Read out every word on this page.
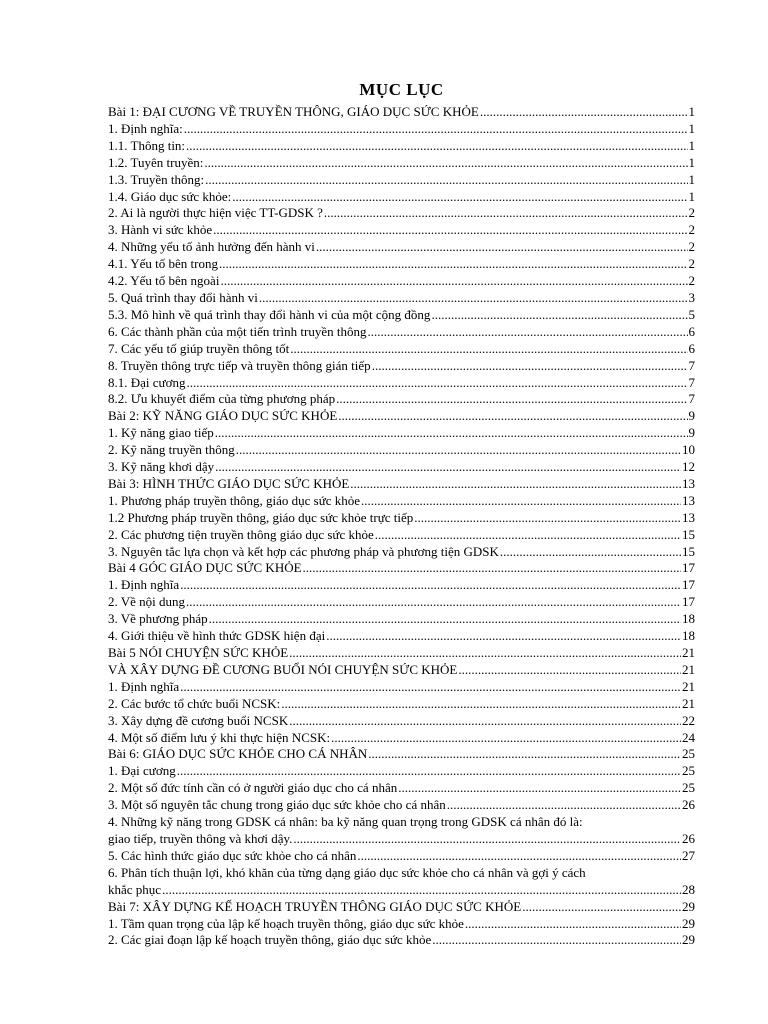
MỤC LỤC
Bài 1: ĐẠI CƯƠNG VỀ TRUYỀN THÔNG, GIÁO DỤC SỨC KHỎE .....	1
1. Định nghĩa: .....	1
1.1. Thông tin: .....	1
1.2. Tuyên truyền: .....	1
1.3. Truyền thông: .....	1
1.4. Giáo dục sức khỏe: .....	1
2. Ai là người thực hiện việc TT-GDSK ? .....	2
3. Hành vi sức khỏe .....	2
4. Những yếu tố ảnh hưởng đến hành vi .....	2
4.1. Yếu tố bên trong .....	2
4.2. Yếu tố bên ngoài .....	2
5. Quá trình thay đổi hành vi .....	3
5.3. Mô hình về quá trình thay đổi hành vi của một cộng đồng .....	5
6. Các thành phần của một tiến trình truyền thông .....	6
7. Các yếu tố giúp truyền thông tốt .....	6
8. Truyền thông trực tiếp và truyền thông gián tiếp .....	7
8.1. Đại cương .....	7
8.2. Ưu khuyết điểm của từng phương pháp .....	7
Bài 2: KỸ NĂNG GIÁO DỤC SỨC KHỎE .....	9
1. Kỹ năng giao tiếp .....	9
2. Kỹ năng truyền thông .....	10
3. Kỹ năng khơi dậy .....	12
Bài 3: HÌNH THỨC GIÁO DỤC SỨC KHỎE .....	13
1. Phương pháp truyền thông, giáo dục sức khỏe .....	13
1.2 Phương pháp truyền thông, giáo dục sức khỏe trực tiếp .....	13
2. Các phương tiện truyền thông giáo dục sức khỏe .....	15
3. Nguyên tắc lựa chọn và kết hợp các phương pháp và phương tiện GDSK .....	15
Bài 4 GÓC GIÁO DỤC SỨC KHỎE .....	17
1. Định nghĩa .....	17
2. Về nội dung .....	17
3. Về phương pháp .....	18
4. Giới thiệu về hình thức GDSK hiện đại .....	18
Bài 5 NÓI CHUYỆN SỨC KHỎE .....	21
VÀ XÂY DỰNG ĐỀ CƯƠNG BUỔI NÓI CHUYỆN SỨC KHỎE .....	21
1. Định nghĩa .....	21
2. Các bước tổ chức buổi NCSK: .....	21
3. Xây dựng đề cương buổi NCSK .....	22
4. Một số điểm lưu ý khi thực hiện NCSK: .....	24
Bài 6: GIÁO DỤC SỨC KHỎE CHO CÁ NHÂN .....	25
1. Đại cương .....	25
2. Một số đức tính cần có ở người giáo dục cho cá nhân .....	25
3. Một số nguyên tắc chung trong giáo dục sức khỏe cho cá nhân .....	26
4. Những kỹ năng trong GDSK cá nhân: ba kỹ năng quan trọng trong GDSK cá nhân đó là:
giao tiếp, truyền thông và khơi dậy. .....	26
5. Các hình thức giáo dục sức khỏe cho cá nhân .....	27
6. Phân tích thuận lợi, khó khăn của từng dạng giáo dục sức khỏe cho cá nhân và gợi ý cách
khắc phục .....	28
Bài 7: XÂY DỰNG KẾ HOẠCH TRUYỀN THÔNG GIÁO DỤC SỨC KHỎE .....	29
1. Tầm quan trọng của lập kế hoạch truyền thông, giáo dục sức khỏe .....	29
2. Các giai đoạn lập kế hoạch truyền thông, giáo dục sức khỏe .....	29
